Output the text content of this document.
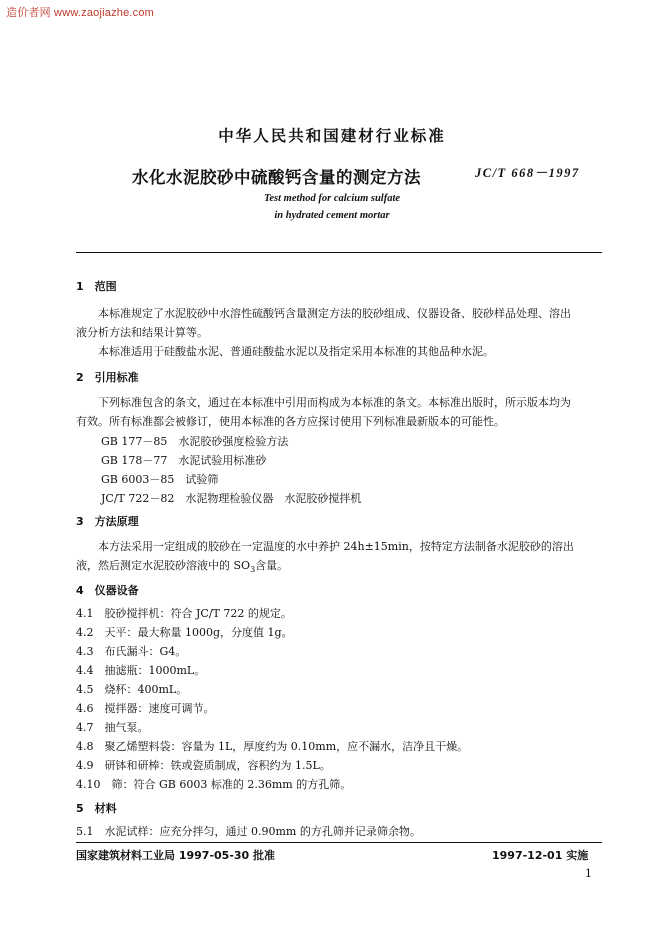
造价者网 www.zaojiazhe.com
中华人民共和国建材行业标准
水化水泥胶砂中硫酸钙含量的测定方法	JC/T 668－1997
Test method for calcium sulfate
in hydrated cement mortar
1　范围
　　本标准规定了水泥胶砂中水溶性硫酸钙含量测定方法的胶砂组成、仪器设备、胶砂样品处理、溶出
液分析方法和结果计算等。
　　本标准适用于硅酸盐水泥、普通硅酸盐水泥以及指定采用本标准的其他品种水泥。
2　引用标准
　　下列标准包含的条文，通过在本标准中引用而构成为本标准的条文。本标准出版时，所示版本均为
有效。所有标准都会被修订，使用本标准的各方应探讨使用下列标准最新版本的可能性。
GB 177－85　水泥胶砂强度检验方法
GB 178－77　水泥试验用标准砂
GB 6003－85　试验筛
JC/T 722－82　水泥物理检验仪器　水泥胶砂搅拌机
3　方法原理
　　本方法采用一定组成的胶砂在一定温度的水中养护 24h±15min，按特定方法制备水泥胶砂的溶出
液，然后测定水泥胶砂溶液中的 $SO_3$含量。
4　仪器设备
4.1　胶砂搅拌机：符合 JC/T 722 的规定。
4.2　天平：最大称量 1000g，分度值 1g。
4.3　布氏漏斗：G4。
4.4　抽滤瓶：1000mL。
4.5　烧杯：400mL。
4.6　搅拌器：速度可调节。
4.7　抽气泵。
4.8　聚乙烯塑料袋：容量为 1L，厚度约为 0.10mm，应不漏水，洁净且干燥。
4.9　研钵和研棒：铁或瓷质制成，容积约为 1.5L。
4.10　筛：符合 GB 6003 标准的 2.36mm 的方孔筛。
5　材料
5.1　水泥试样：应充分拌匀，通过 0.90mm 的方孔筛并记录筛余物。
国家建筑材料工业局 1997-05-30 批准	1997-12-01 实施
1
